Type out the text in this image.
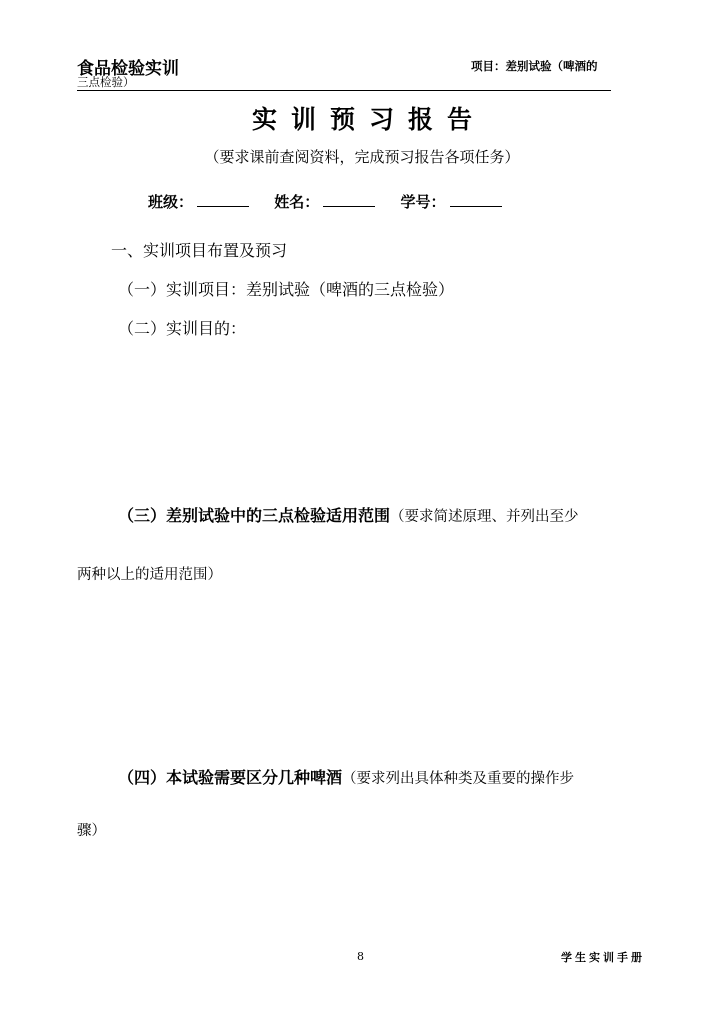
食品检验实训	项目：差别试验（啤酒的
三点检验）
实训预习报告
（要求课前查阅资料，完成预习报告各项任务）
班级：	姓名：	学号：
一、实训项目布置及预习
（一）实训项目：差别试验（啤酒的三点检验）
（二）实训目的：
（三）差别试验中的三点检验适用范围（要求简述原理、并列出至少
两种以上的适用范围）
（四）本试验需要区分几种啤酒（要求列出具体种类及重要的操作步
骤）
8	学生实训手册
